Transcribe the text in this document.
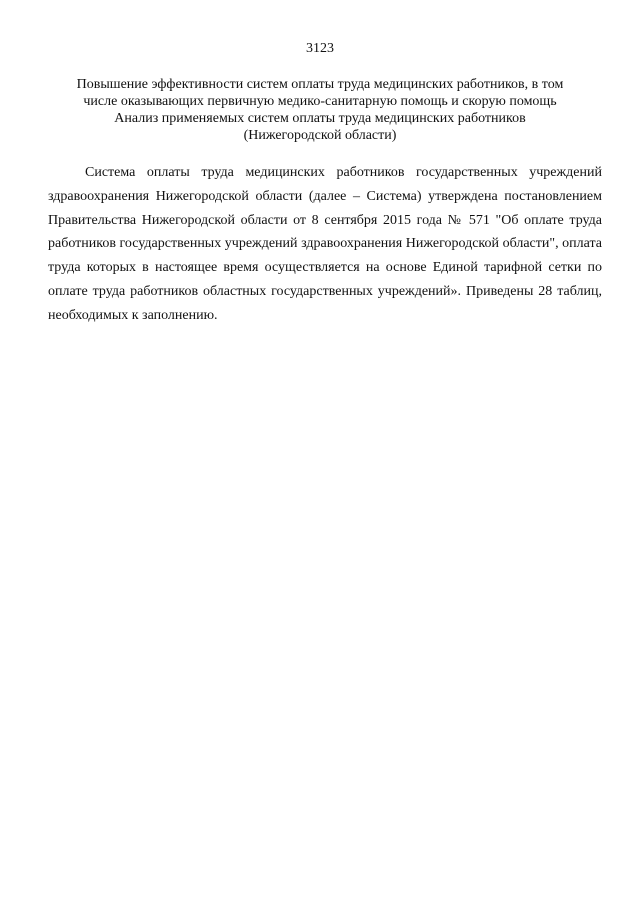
3123
Повышение эффективности систем оплаты труда медицинских работников, в том
числе оказывающих первичную медико-санитарную помощь и скорую помощь
Анализ применяемых систем оплаты труда медицинских работников
(Нижегородской области)

Система оплаты труда медицинских работников государственных учреждений здравоохранения Нижегородской области (далее – Система) утверждена постановлением Правительства Нижегородской области от 8 сентября 2015 года № 571 "Об оплате труда работников государственных учреждений здравоохранения Нижегородской области", оплата труда которых в настоящее время осуществляется на основе Единой тарифной сетки по оплате труда работников областных государственных учреждений». Приведены 28 таблиц, необходимых к заполнению.
